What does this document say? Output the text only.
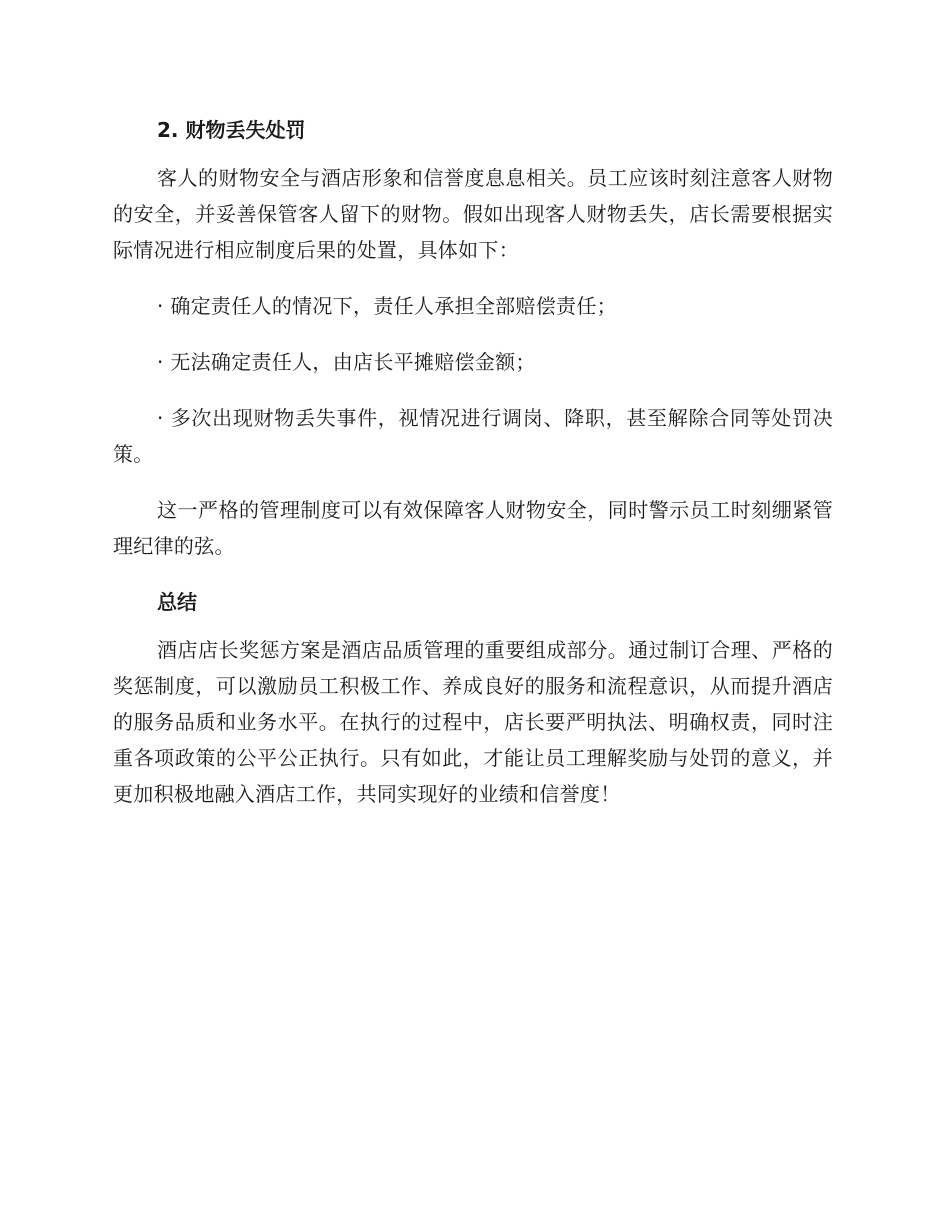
2. 财物丢失处罚

客人的财物安全与酒店形象和信誉度息息相关。员工应该时刻注意客人财物的安全，并妥善保管客人留下的财物。假如出现客人财物丢失，店长需要根据实际情况进行相应制度后果的处置，具体如下：

· 确定责任人的情况下，责任人承担全部赔偿责任；

· 无法确定责任人，由店长平摊赔偿金额；

· 多次出现财物丢失事件，视情况进行调岗、降职，甚至解除合同等处罚决策。

这一严格的管理制度可以有效保障客人财物安全，同时警示员工时刻绷紧管理纪律的弦。

总结

酒店店长奖惩方案是酒店品质管理的重要组成部分。通过制订合理、严格的奖惩制度，可以激励员工积极工作、养成良好的服务和流程意识，从而提升酒店的服务品质和业务水平。在执行的过程中，店长要严明执法、明确权责，同时注重各项政策的公平公正执行。只有如此，才能让员工理解奖励与处罚的意义，并更加积极地融入酒店工作，共同实现好的业绩和信誉度！
